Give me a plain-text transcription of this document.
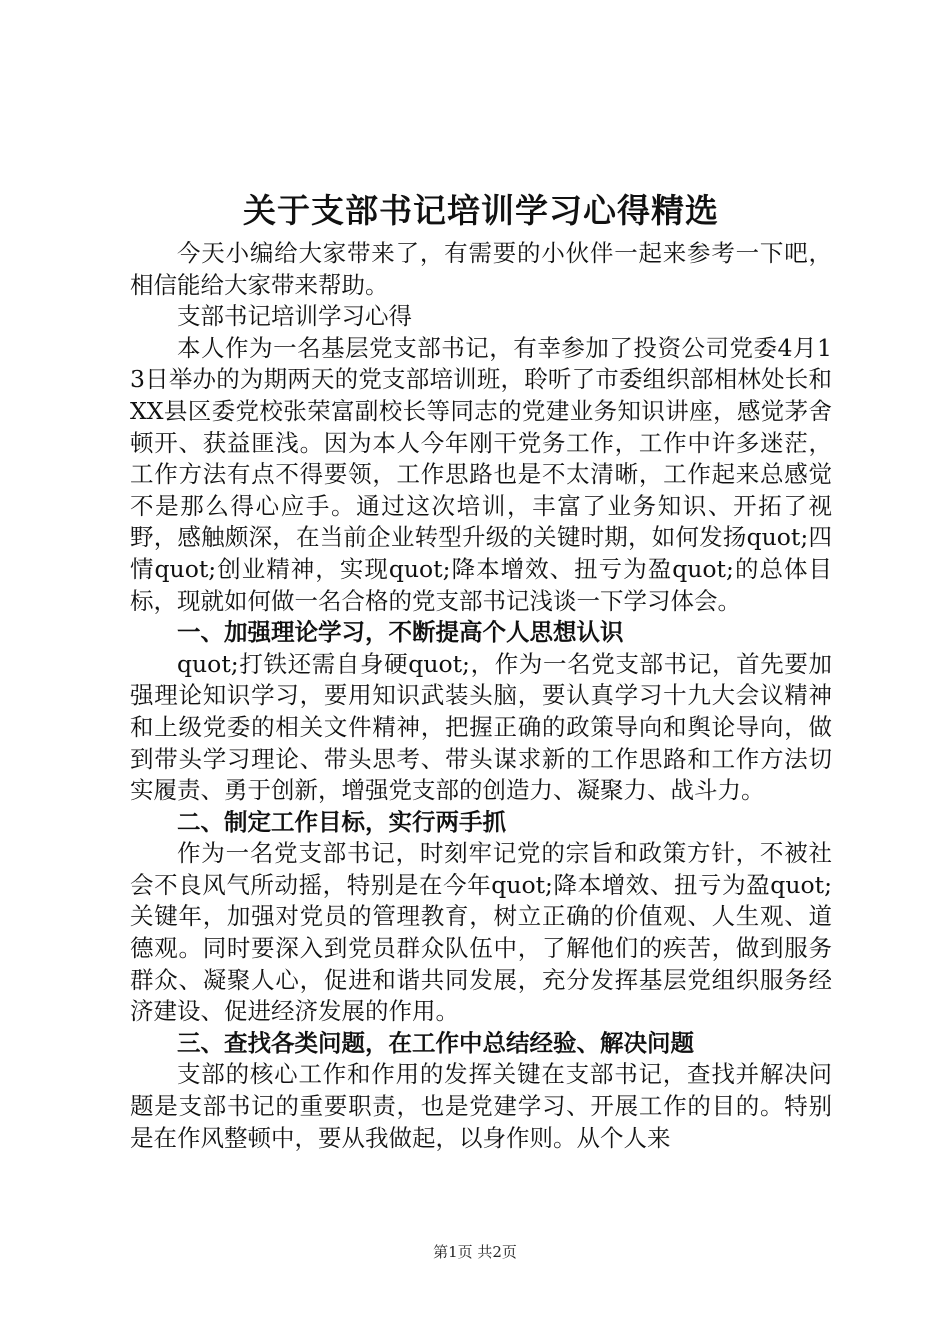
关于支部书记培训学习心得精选

今天小编给大家带来了，有需要的小伙伴一起来参考一下吧，相信能给大家带来帮助。

支部书记培训学习心得

本人作为一名基层党支部书记，有幸参加了投资公司党委4月13日举办的为期两天的党支部培训班，聆听了市委组织部相林处长和XX县区委党校张荣富副校长等同志的党建业务知识讲座，感觉茅舍顿开、获益匪浅。因为本人今年刚干党务工作，工作中许多迷茫，工作方法有点不得要领，工作思路也是不太清晰，工作起来总感觉不是那么得心应手。通过这次培训，丰富了业务知识、开拓了视野，感触颇深，在当前企业转型升级的关键时期，如何发扬quot;四情quot;创业精神，实现quot;降本增效、扭亏为盈quot;的总体目标，现就如何做一名合格的党支部书记浅谈一下学习体会。

一、加强理论学习，不断提高个人思想认识

quot;打铁还需自身硬quot;，作为一名党支部书记，首先要加强理论知识学习，要用知识武装头脑，要认真学习十九大会议精神和上级党委的相关文件精神，把握正确的政策导向和舆论导向，做到带头学习理论、带头思考、带头谋求新的工作思路和工作方法切实履责、勇于创新，增强党支部的创造力、凝聚力、战斗力。

二、制定工作目标，实行两手抓

作为一名党支部书记，时刻牢记党的宗旨和政策方针，不被社会不良风气所动摇，特别是在今年quot;降本增效、扭亏为盈quot;关键年，加强对党员的管理教育，树立正确的价值观、人生观、道德观。同时要深入到党员群众队伍中，了解他们的疾苦，做到服务群众、凝聚人心，促进和谐共同发展，充分发挥基层党组织服务经济建设、促进经济发展的作用。

三、查找各类问题，在工作中总结经验、解决问题

支部的核心工作和作用的发挥关键在支部书记，查找并解决问题是支部书记的重要职责，也是党建学习、开展工作的目的。特别是在作风整顿中，要从我做起，以身作则。从个人来

第1页 共2页
